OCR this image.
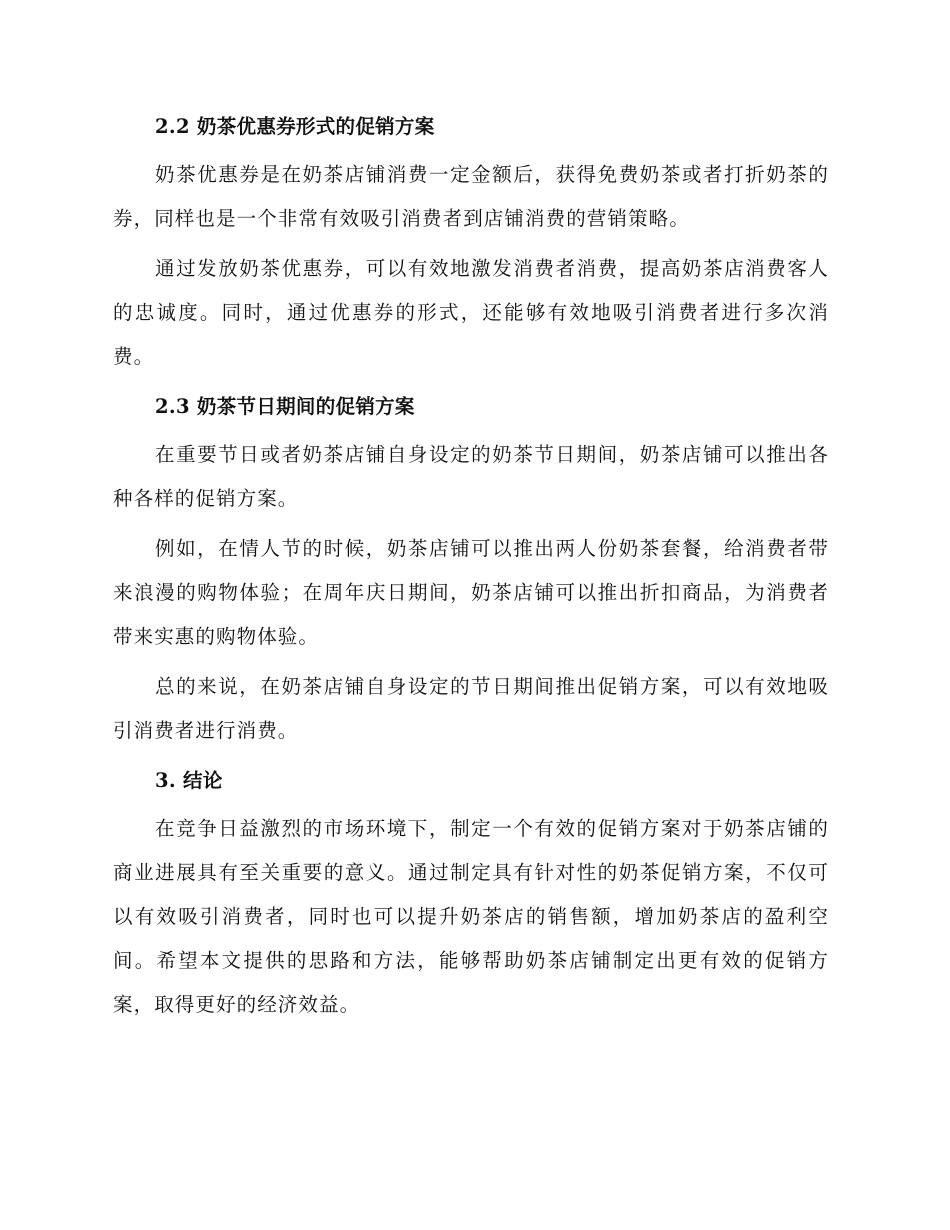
2.2 奶茶优惠券形式的促销方案

奶茶优惠券是在奶茶店铺消费一定金额后，获得免费奶茶或者打折奶茶的券，同样也是一个非常有效吸引消费者到店铺消费的营销策略。

通过发放奶茶优惠券，可以有效地激发消费者消费，提高奶茶店消费客人的忠诚度。同时，通过优惠券的形式，还能够有效地吸引消费者进行多次消费。

2.3 奶茶节日期间的促销方案

在重要节日或者奶茶店铺自身设定的奶茶节日期间，奶茶店铺可以推出各种各样的促销方案。

例如，在情人节的时候，奶茶店铺可以推出两人份奶茶套餐，给消费者带来浪漫的购物体验；在周年庆日期间，奶茶店铺可以推出折扣商品，为消费者带来实惠的购物体验。

总的来说，在奶茶店铺自身设定的节日期间推出促销方案，可以有效地吸引消费者进行消费。

3. 结论

在竞争日益激烈的市场环境下，制定一个有效的促销方案对于奶茶店铺的商业进展具有至关重要的意义。通过制定具有针对性的奶茶促销方案，不仅可以有效吸引消费者，同时也可以提升奶茶店的销售额，增加奶茶店的盈利空间。希望本文提供的思路和方法，能够帮助奶茶店铺制定出更有效的促销方案，取得更好的经济效益。
